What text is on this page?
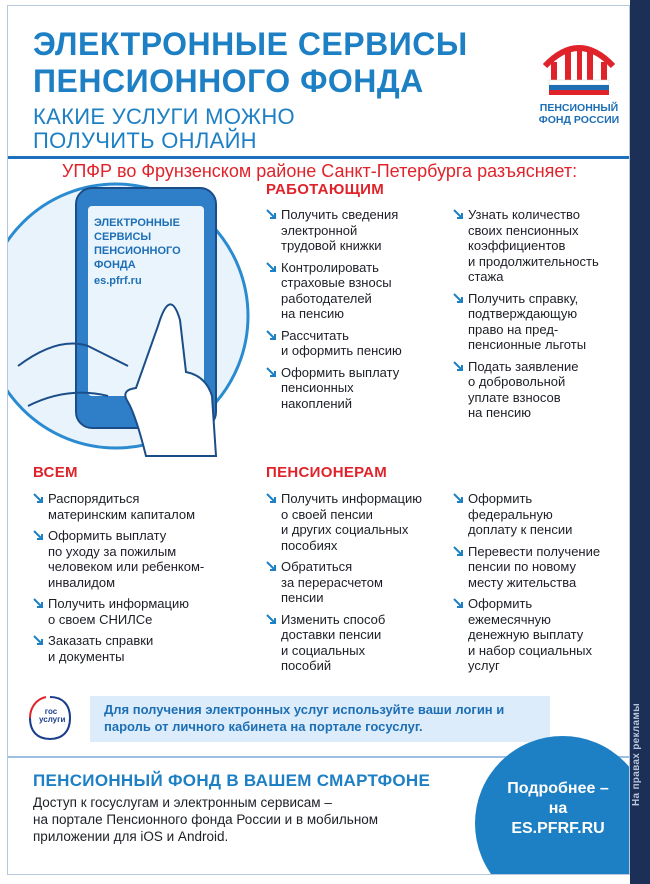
На правах рекламы
ЭЛЕКТРОННЫЕ СЕРВИСЫ
ПЕНСИОННОГО ФОНДА
КАКИЕ УСЛУГИ МОЖНО
ПОЛУЧИТЬ ОНЛАЙН
ПЕНСИОННЫЙ
ФОНД РОССИИ
УПФР во Фрунзенском районе Санкт-Петербурга разъясняет:
ЭЛЕКТРОННЫЕ
СЕРВИСЫ
ПЕНСИОННОГО
ФОНДА
es.pfrf.ru
РАБОТАЮЩИМ
Получить сведения
электронной
трудовой книжки
Контролировать
страховые взносы
работодателей
на пенсию
Рассчитать
и оформить пенсию
Оформить выплату
пенсионных
накоплений
Узнать количество
своих пенсионных
коэффициентов
и продолжительность
стажа
Получить справку,
подтверждающую
право на пред-
пенсионные льготы
Подать заявление
о добровольной
уплате взносов
на пенсию
ВСЕМ
Распорядиться
материнским капиталом
Оформить выплату
по уходу за пожилым
человеком или ребенком-
инвалидом
Получить информацию
о своем СНИЛСе
Заказать справки
и документы
ПЕНСИОНЕРАМ
Получить информацию
о своей пенсии
и других социальных
пособиях
Обратиться
за перерасчетом
пенсии
Изменить способ
доставки пенсии
и социальных
пособий
Оформить
федеральную
доплату к пенсии
Перевести получение
пенсии по новому
месту жительства
Оформить
ежемесячную
денежную выплату
и набор социальных
услуг
гос
услуги
Для получения электронных услуг используйте ваши логин и пароль от личного кабинета на портале госуслуг.
ПЕНСИОННЫЙ ФОНД В ВАШЕМ СМАРТФОНЕ
Доступ к госуслугам и электронным сервисам –
на портале Пенсионного фонда России и в мобильном
приложении для iOS и Android.
Подробнее –
на ES.PFRF.RU
